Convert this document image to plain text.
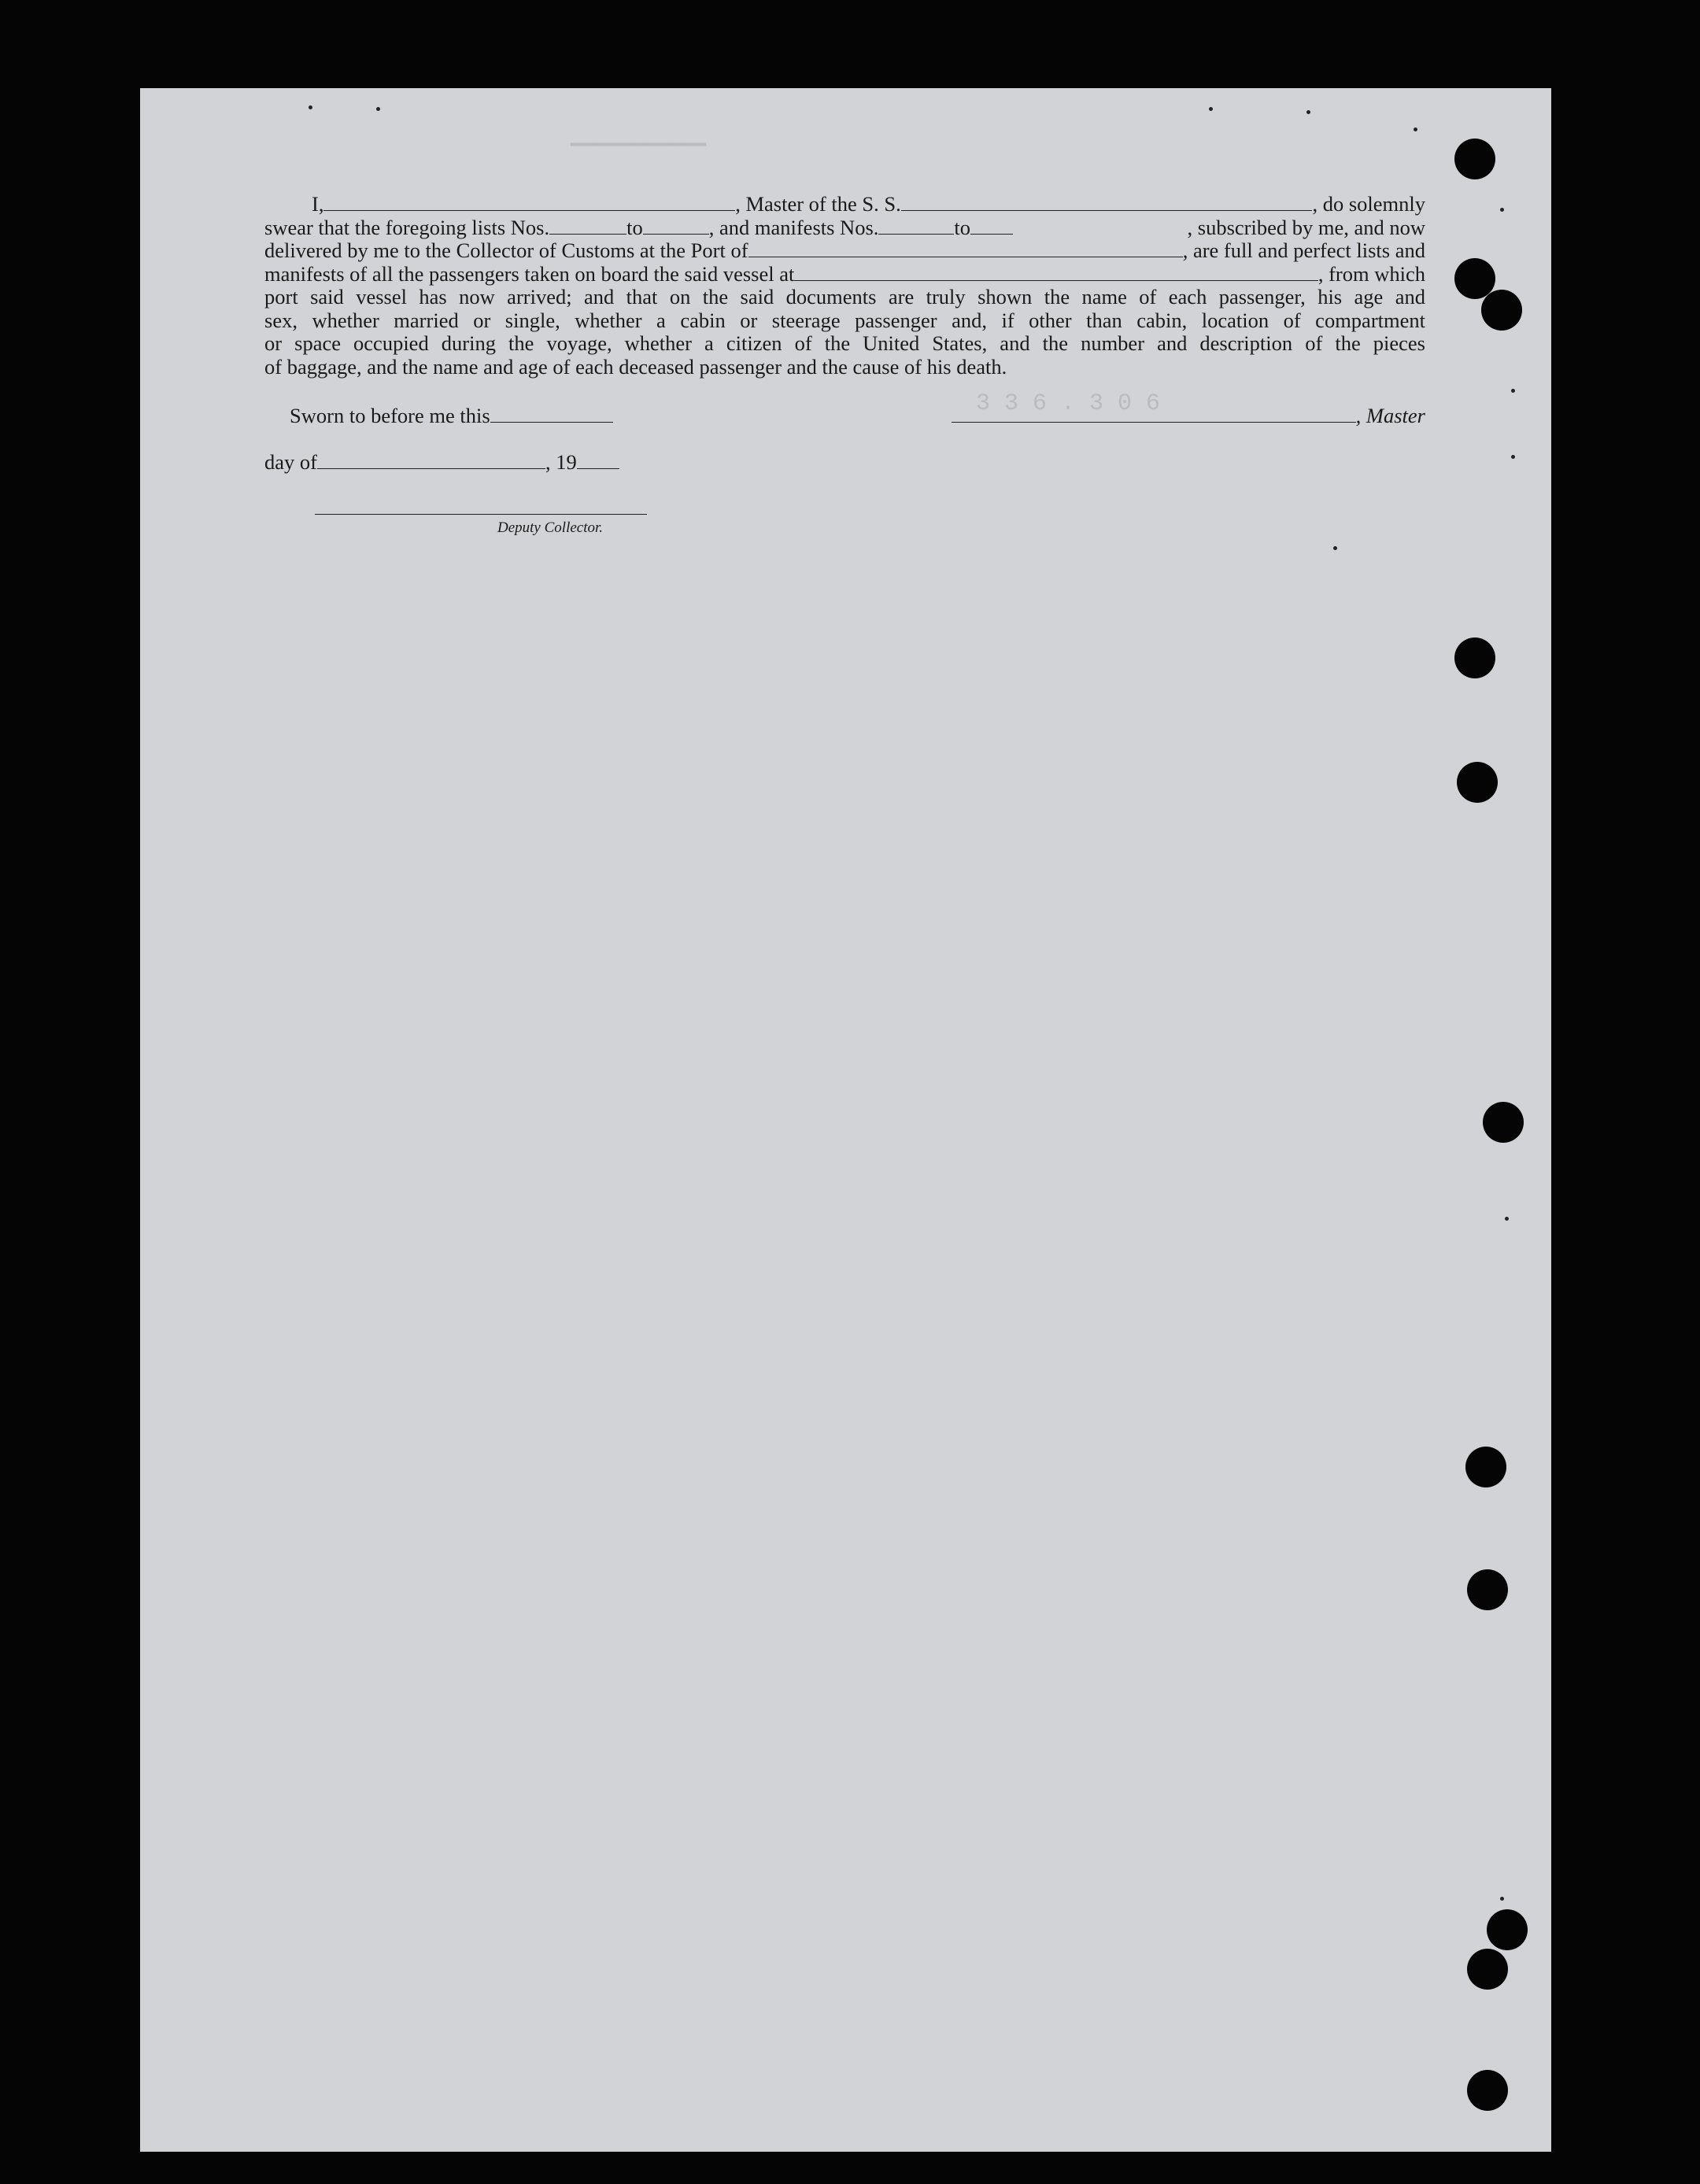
▁▁▁▁▁▁▁▁▁▁▁
3 3 6 . 3 0 6
I,	, Master of the S. S.	, do solemnly
swear that the foregoing lists Nos.	to	, and manifests Nos.	to	, subscribed by me, and now
delivered by me to the Collector of Customs at the Port of	, are full and perfect lists and
manifests of all the passengers taken on board the said vessel at	, from which
port said vessel has now arrived; and that on the said documents are truly shown the name of each passenger, his age and
sex, whether married or single, whether a cabin or steerage passenger and, if other than cabin, location of compartment
or space occupied during the voyage, whether a citizen of the United States, and the number and description of the pieces
of baggage, and the name and age of each deceased passenger and the cause of his death.
Sworn to before me this	, Master
day of	, 19
Deputy Collector.
